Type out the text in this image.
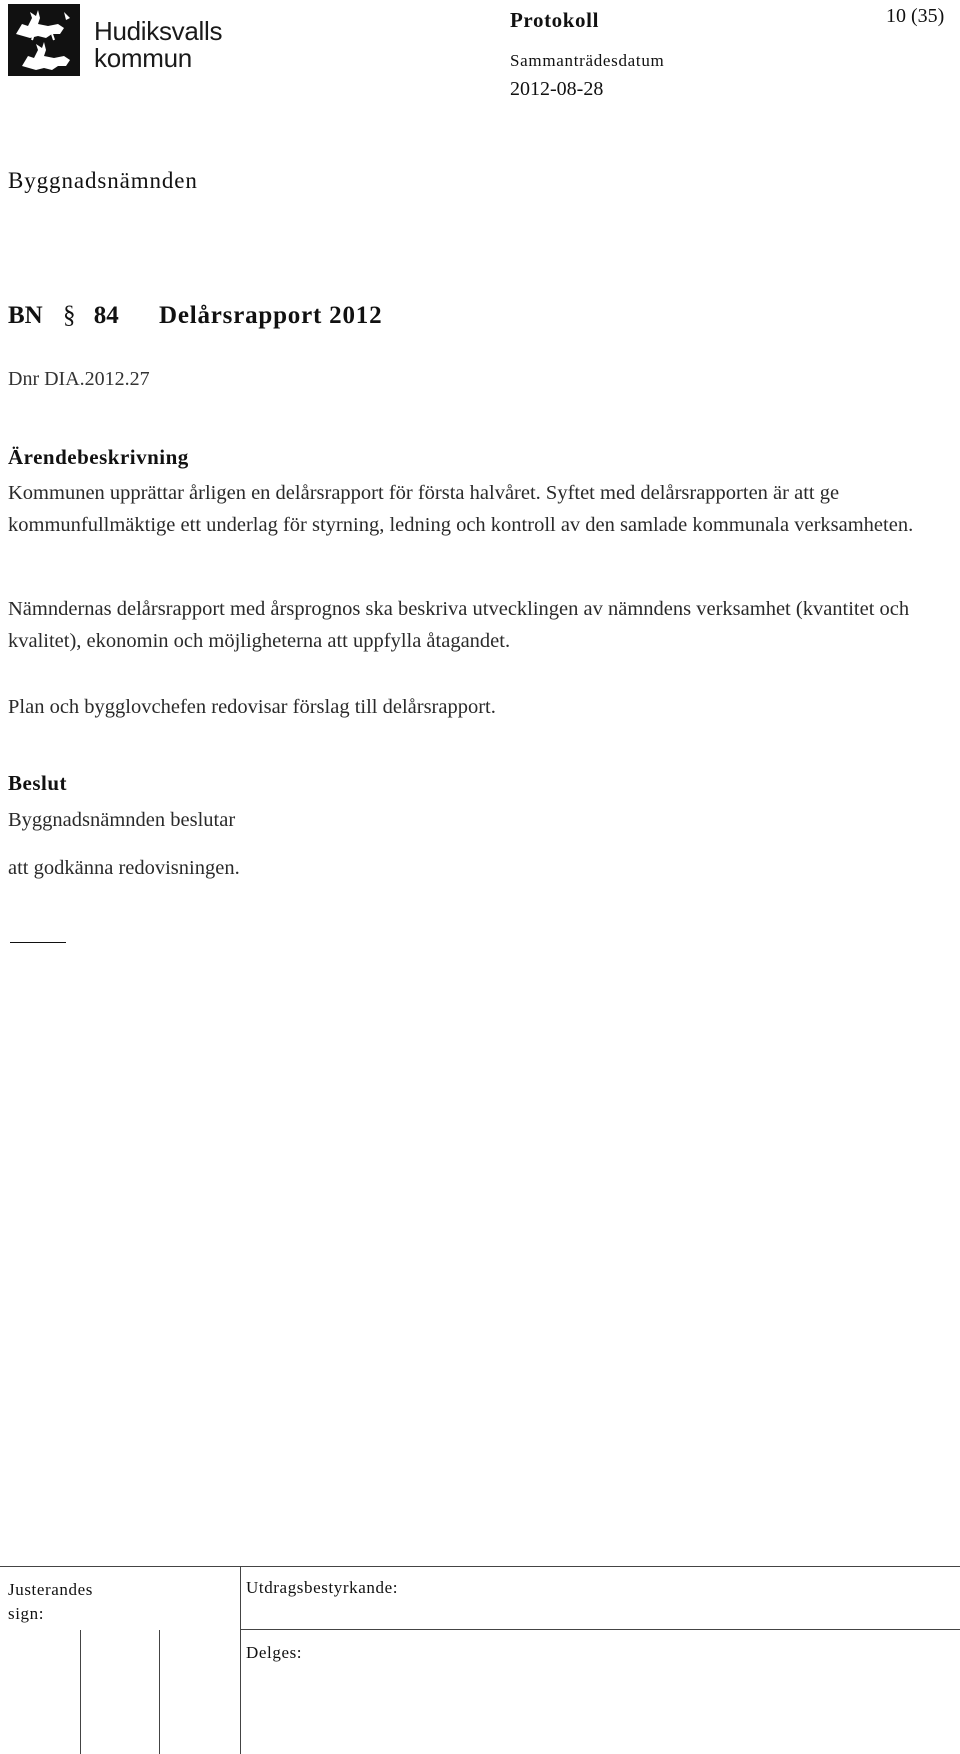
Hudiksvalls
kommun
Protokoll	10 (35)
Sammanträdesdatum
2012-08-28
Byggnadsnämnden
BN § 84 Delårsrapport 2012
Dnr DIA.2012.27
Ärendebeskrivning
Kommunen upprättar årligen en delårsrapport för första halvåret. Syftet med delårsrapporten är att ge kommunfullmäktige ett underlag för styrning, ledning och kontroll av den samlade kommunala verksamheten.
Nämndernas delårsrapport med årsprognos ska beskriva utvecklingen av nämndens verksamhet (kvantitet och kvalitet), ekonomin och möjligheterna att uppfylla åtagandet.
Plan och bygglovchefen redovisar förslag till delårsrapport.
Beslut
Byggnadsnämnden beslutar
att godkänna redovisningen.
Justerandes
sign:
Utdragsbestyrkande:
Delges:
